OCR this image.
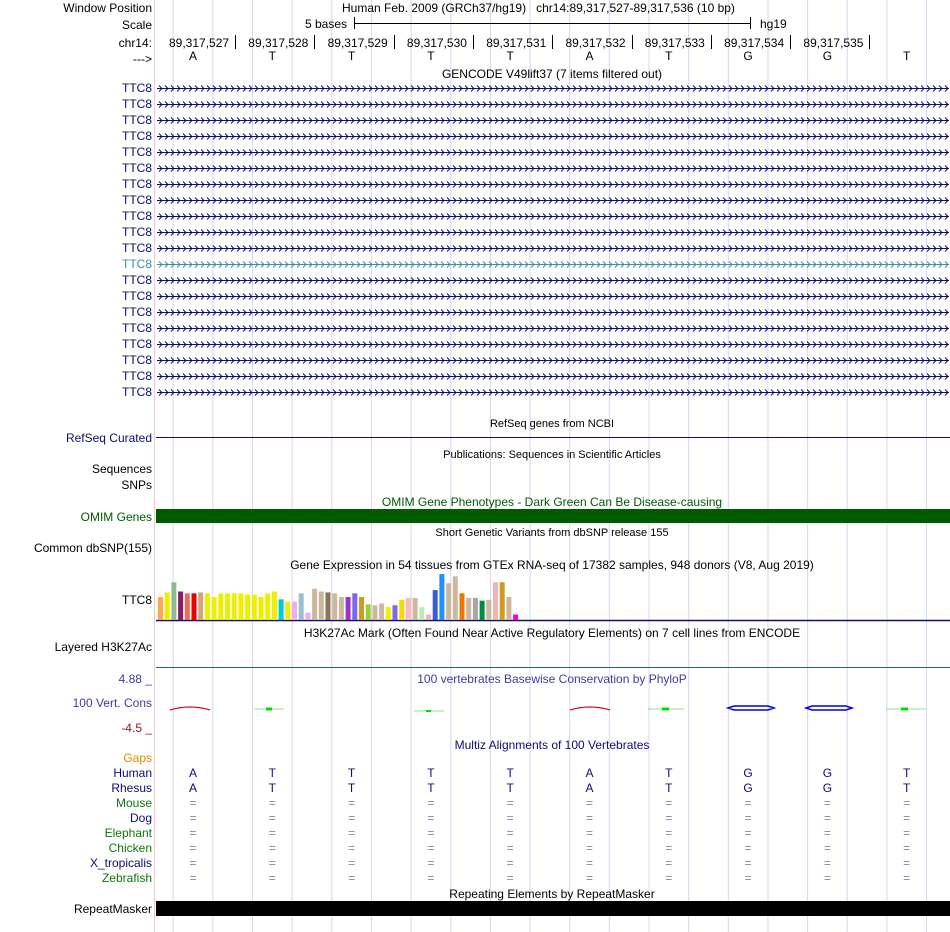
Window Position	Human Feb. 2009 (GRCh37/hg19)   chr14:89,317,527-89,317,536 (10 bp)
Scale	5 bases	hg19
chr14: 89,317,527 89,317,528 89,317,529 89,317,530 89,317,531 89,317,532 89,317,533 89,317,534 89,317,535
--->	A	T	T	T	T	A	T	G	G	T
GENCODE V49lift37 (7 items filtered out)
TTC8
TTC8
TTC8
TTC8
TTC8
TTC8
TTC8
TTC8
TTC8
TTC8
TTC8
TTC8
TTC8
TTC8
TTC8
TTC8
TTC8
TTC8
TTC8
TTC8
RefSeq genes from NCBI
RefSeq Curated
Publications: Sequences in Scientific Articles
Sequences
SNPs
OMIM Gene Phenotypes - Dark Green Can Be Disease-causing
OMIM Genes
Short Genetic Variants from dbSNP release 155
Common dbSNP(155)
Gene Expression in 54 tissues from GTEx RNA-seq of 17382 samples, 948 donors (V8, Aug 2019)
TTC8
H3K27Ac Mark (Often Found Near Active Regulatory Elements) on 7 cell lines from ENCODE
Layered H3K27Ac
100 vertebrates Basewise Conservation by PhyloP
4.88 _
100 Vert. Cons
-4.5 _
Multiz Alignments of 100 Vertebrates
Gaps
Human	A	T	T	T	T	A	T	G	G	T
Rhesus	A	T	T	T	T	A	T	G	G	T
Mouse	=	=	=	=	=	=	=	=	=	=
Dog	=	=	=	=	=	=	=	=	=	=
Elephant	=	=	=	=	=	=	=	=	=	=
Chicken	=	=	=	=	=	=	=	=	=	=
X_tropicalis	=	=	=	=	=	=	=	=	=	=
Zebrafish	=	=	=	=	=	=	=	=	=	=
Repeating Elements by RepeatMasker
RepeatMasker
